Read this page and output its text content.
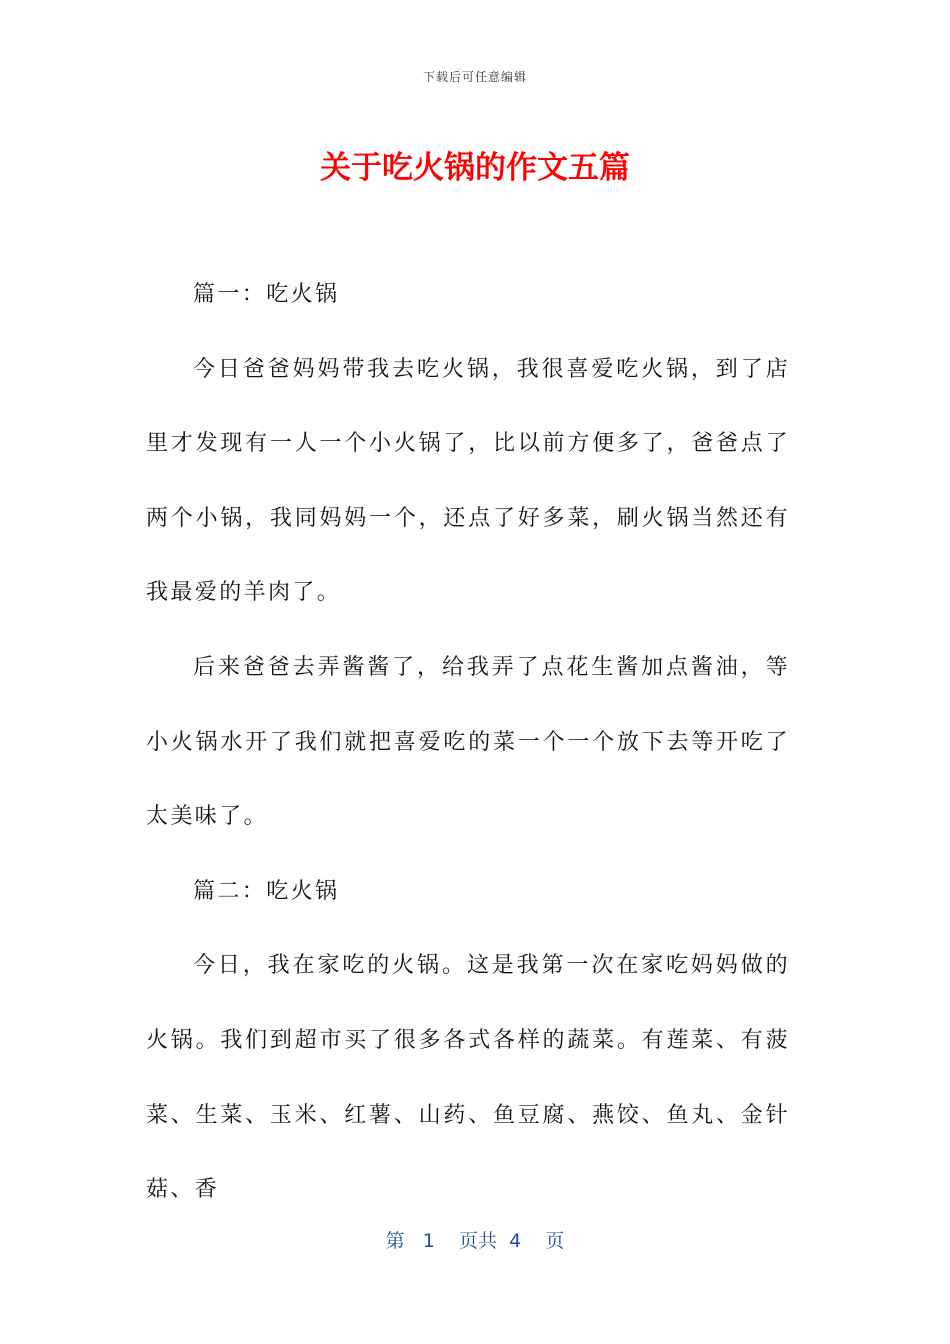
下载后可任意编辑
关于吃火锅的作文五篇

篇一：吃火锅

今日爸爸妈妈带我去吃火锅，我很喜爱吃火锅，到了店里才发现有一人一个小火锅了，比以前方便多了，爸爸点了两个小锅，我同妈妈一个，还点了好多菜，刷火锅当然还有我最爱的羊肉了。

后来爸爸去弄酱酱了，给我弄了点花生酱加点酱油，等小火锅水开了我们就把喜爱吃的菜一个一个放下去等开吃了太美味了。

篇二：吃火锅

今日，我在家吃的火锅。这是我第一次在家吃妈妈做的火锅。我们到超市买了很多各式各样的蔬菜。有莲菜、有菠菜、生菜、玉米、红薯、山药、鱼豆腐、燕饺、鱼丸、金针菇、香

第 1 页共 4 页
